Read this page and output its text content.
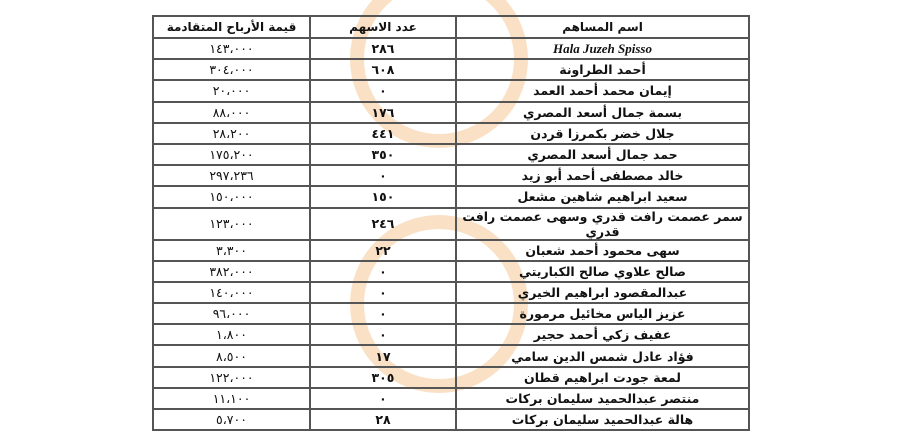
اسم المساهم	عدد الاسهم	قيمة الأرباح المتقادمة
Hala Juzeh Spisso	٢٨٦	١٤٣،٠٠٠
أحمد الطراونة	٦٠٨	٣٠٤،٠٠٠
إيمان محمد أحمد العمد	٠	٢٠،٠٠٠
بسمة جمال أسعد المصري	١٧٦	٨٨،٠٠٠
جلال خضر بكمرزا قردن	٤٤١	٢٨،٢٠٠
حمد جمال أسعد المصري	٣٥٠	١٧٥،٢٠٠
خالد مصطفى أحمد أبو زيد	٠	٢٩٧،٢٣٦
سعيد ابراهيم شاهين مشعل	١٥٠	١٥٠،٠٠٠
سمر عصمت رافت قدري وسهى عصمت رافت قدري	٢٤٦	١٢٣،٠٠٠
سهى محمود أحمد شعبان	٢٢	٣،٣٠٠
صالح علاوي صالح الكباريتي	٠	٣٨٢،٠٠٠
عبدالمقصود ابراهيم الخيري	٠	١٤٠،٠٠٠
عزيز الياس مخائيل مرمورة	٠	٩٦،٠٠٠
عفيف زكي أحمد حجير	٠	١،٨٠٠
فؤاد عادل شمس الدين سامي	١٧	٨،٥٠٠
لمعة جودت ابراهيم قطان	٣٠٥	١٢٢،٠٠٠
منتصر عبدالحميد سليمان بركات	٠	١١،١٠٠
هالة عبدالحميد سليمان بركات	٢٨	٥،٧٠٠
